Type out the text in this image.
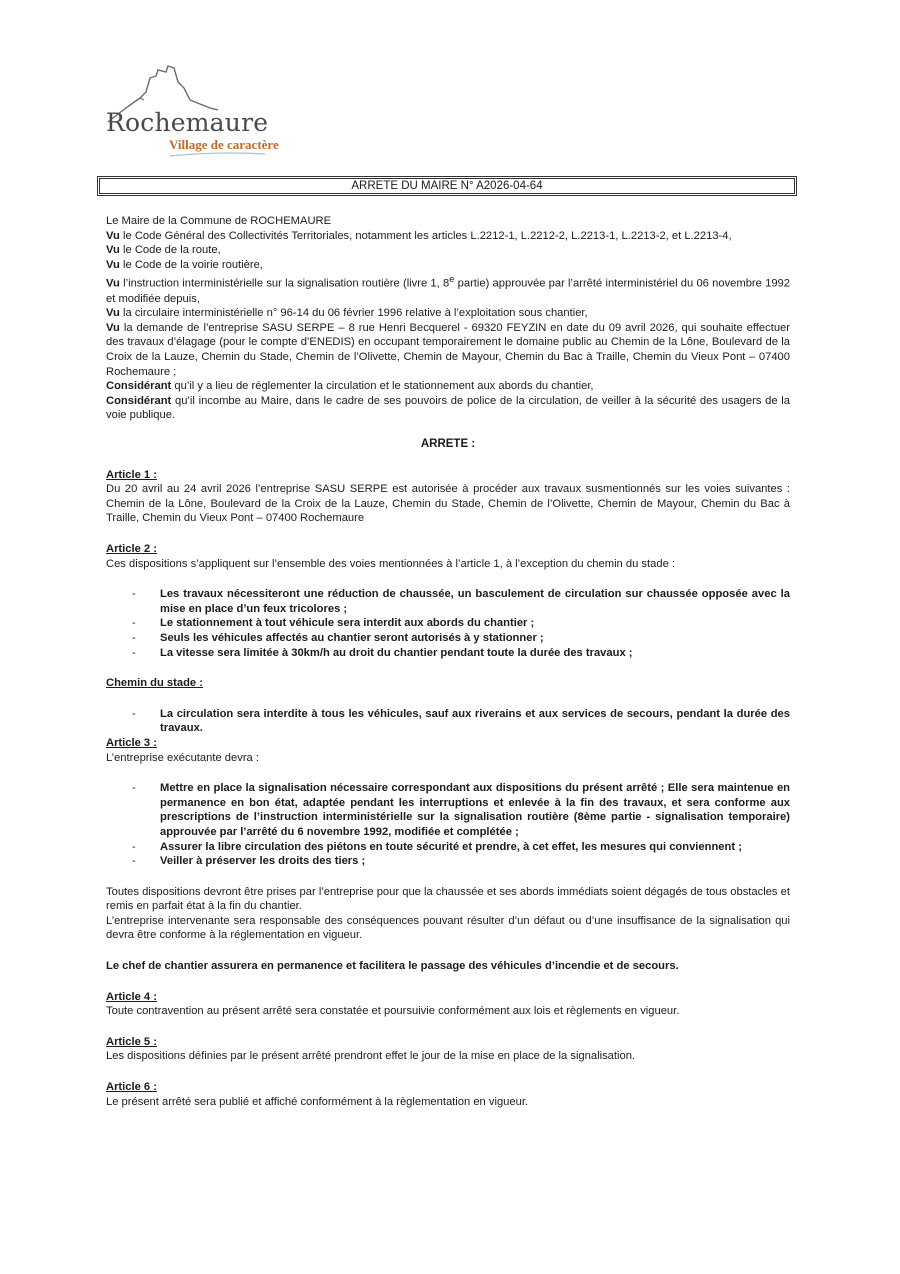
Rochemaure
Village de caractère
ARRETE DU MAIRE N° A2026-04-64

Le Maire de la Commune de ROCHEMAURE

Vu le Code Général des Collectivités Territoriales, notamment les articles L.2212-1, L.2212-2, L.2213-1, L.2213-2, et L.2213-4,

Vu le Code de la route,

Vu le Code de la voirie routière,

Vu l’instruction interministérielle sur la signalisation routière (livre 1, 8e partie) approuvée par l’arrêté interministériel du 06 novembre 1992 et modifiée depuis,

Vu la circulaire interministérielle n° 96-14 du 06 février 1996 relative à l’exploitation sous chantier,

Vu la demande de l’entreprise SASU SERPE – 8 rue Henri Becquerel - 69320 FEYZIN en date du 09 avril 2026, qui souhaite effectuer des travaux d’élagage (pour le compte d’ENEDIS) en occupant temporairement le domaine public au Chemin de la Lône, Boulevard de la Croix de la Lauze, Chemin du Stade, Chemin de l’Olivette, Chemin de Mayour, Chemin du Bac à Traille, Chemin du Vieux Pont – 07400 Rochemaure ;

Considérant qu’il y a lieu de réglementer la circulation et le stationnement aux abords du chantier,

Considérant qu’il incombe au Maire, dans le cadre de ses pouvoirs de police de la circulation, de veiller à la sécurité des usagers de la voie publique.

ARRETE :

Article 1 :

Du 20 avril au 24 avril 2026 l’entreprise SASU SERPE est autorisée à procéder aux travaux susmentionnés sur les voies suivantes : Chemin de la Lône, Boulevard de la Croix de la Lauze, Chemin du Stade, Chemin de l’Olivette, Chemin de Mayour, Chemin du Bac à Traille, Chemin du Vieux Pont – 07400 Rochemaure

Article 2 :

Ces dispositions s’appliquent sur l’ensemble des voies mentionnées à l’article 1, à l’exception du chemin du stade :

- Les travaux nécessiteront une réduction de chaussée, un basculement de circulation sur chaussée opposée avec la mise en place d’un feux tricolores ;
- Le stationnement à tout véhicule sera interdit aux abords du chantier ;
- Seuls les véhicules affectés au chantier seront autorisés à y stationner ;
- La vitesse sera limitée à 30km/h au droit du chantier pendant toute la durée des travaux ;

Chemin du stade :

- La circulation sera interdite à tous les véhicules, sauf aux riverains et aux services de secours, pendant la durée des travaux.

Article 3 :

L’entreprise exécutante devra :

- Mettre en place la signalisation nécessaire correspondant aux dispositions du présent arrêté ; Elle sera maintenue en permanence en bon état, adaptée pendant les interruptions et enlevée à la fin des travaux, et sera conforme aux prescriptions de l’instruction interministérielle sur la signalisation routière (8ème partie - signalisation temporaire) approuvée par l’arrêté du 6 novembre 1992, modifiée et complétée ;
- Assurer la libre circulation des piétons en toute sécurité et prendre, à cet effet, les mesures qui conviennent ;
- Veiller à préserver les droits des tiers ;

Toutes dispositions devront être prises par l’entreprise pour que la chaussée et ses abords immédiats soient dégagés de tous obstacles et remis en parfait état à la fin du chantier.

L’entreprise intervenante sera responsable des conséquences pouvant résulter d’un défaut ou d’une insuffisance de la signalisation qui devra être conforme à la réglementation en vigueur.

Le chef de chantier assurera en permanence et facilitera le passage des véhicules d’incendie et de secours.

Article 4 :

Toute contravention au présent arrêté sera constatée et poursuivie conformément aux lois et règlements en vigueur.

Article 5 :

Les dispositions définies par le présent arrêté prendront effet le jour de la mise en place de la signalisation.

Article 6 :

Le présent arrêté sera publié et affiché conformément à la règlementation en vigueur.
